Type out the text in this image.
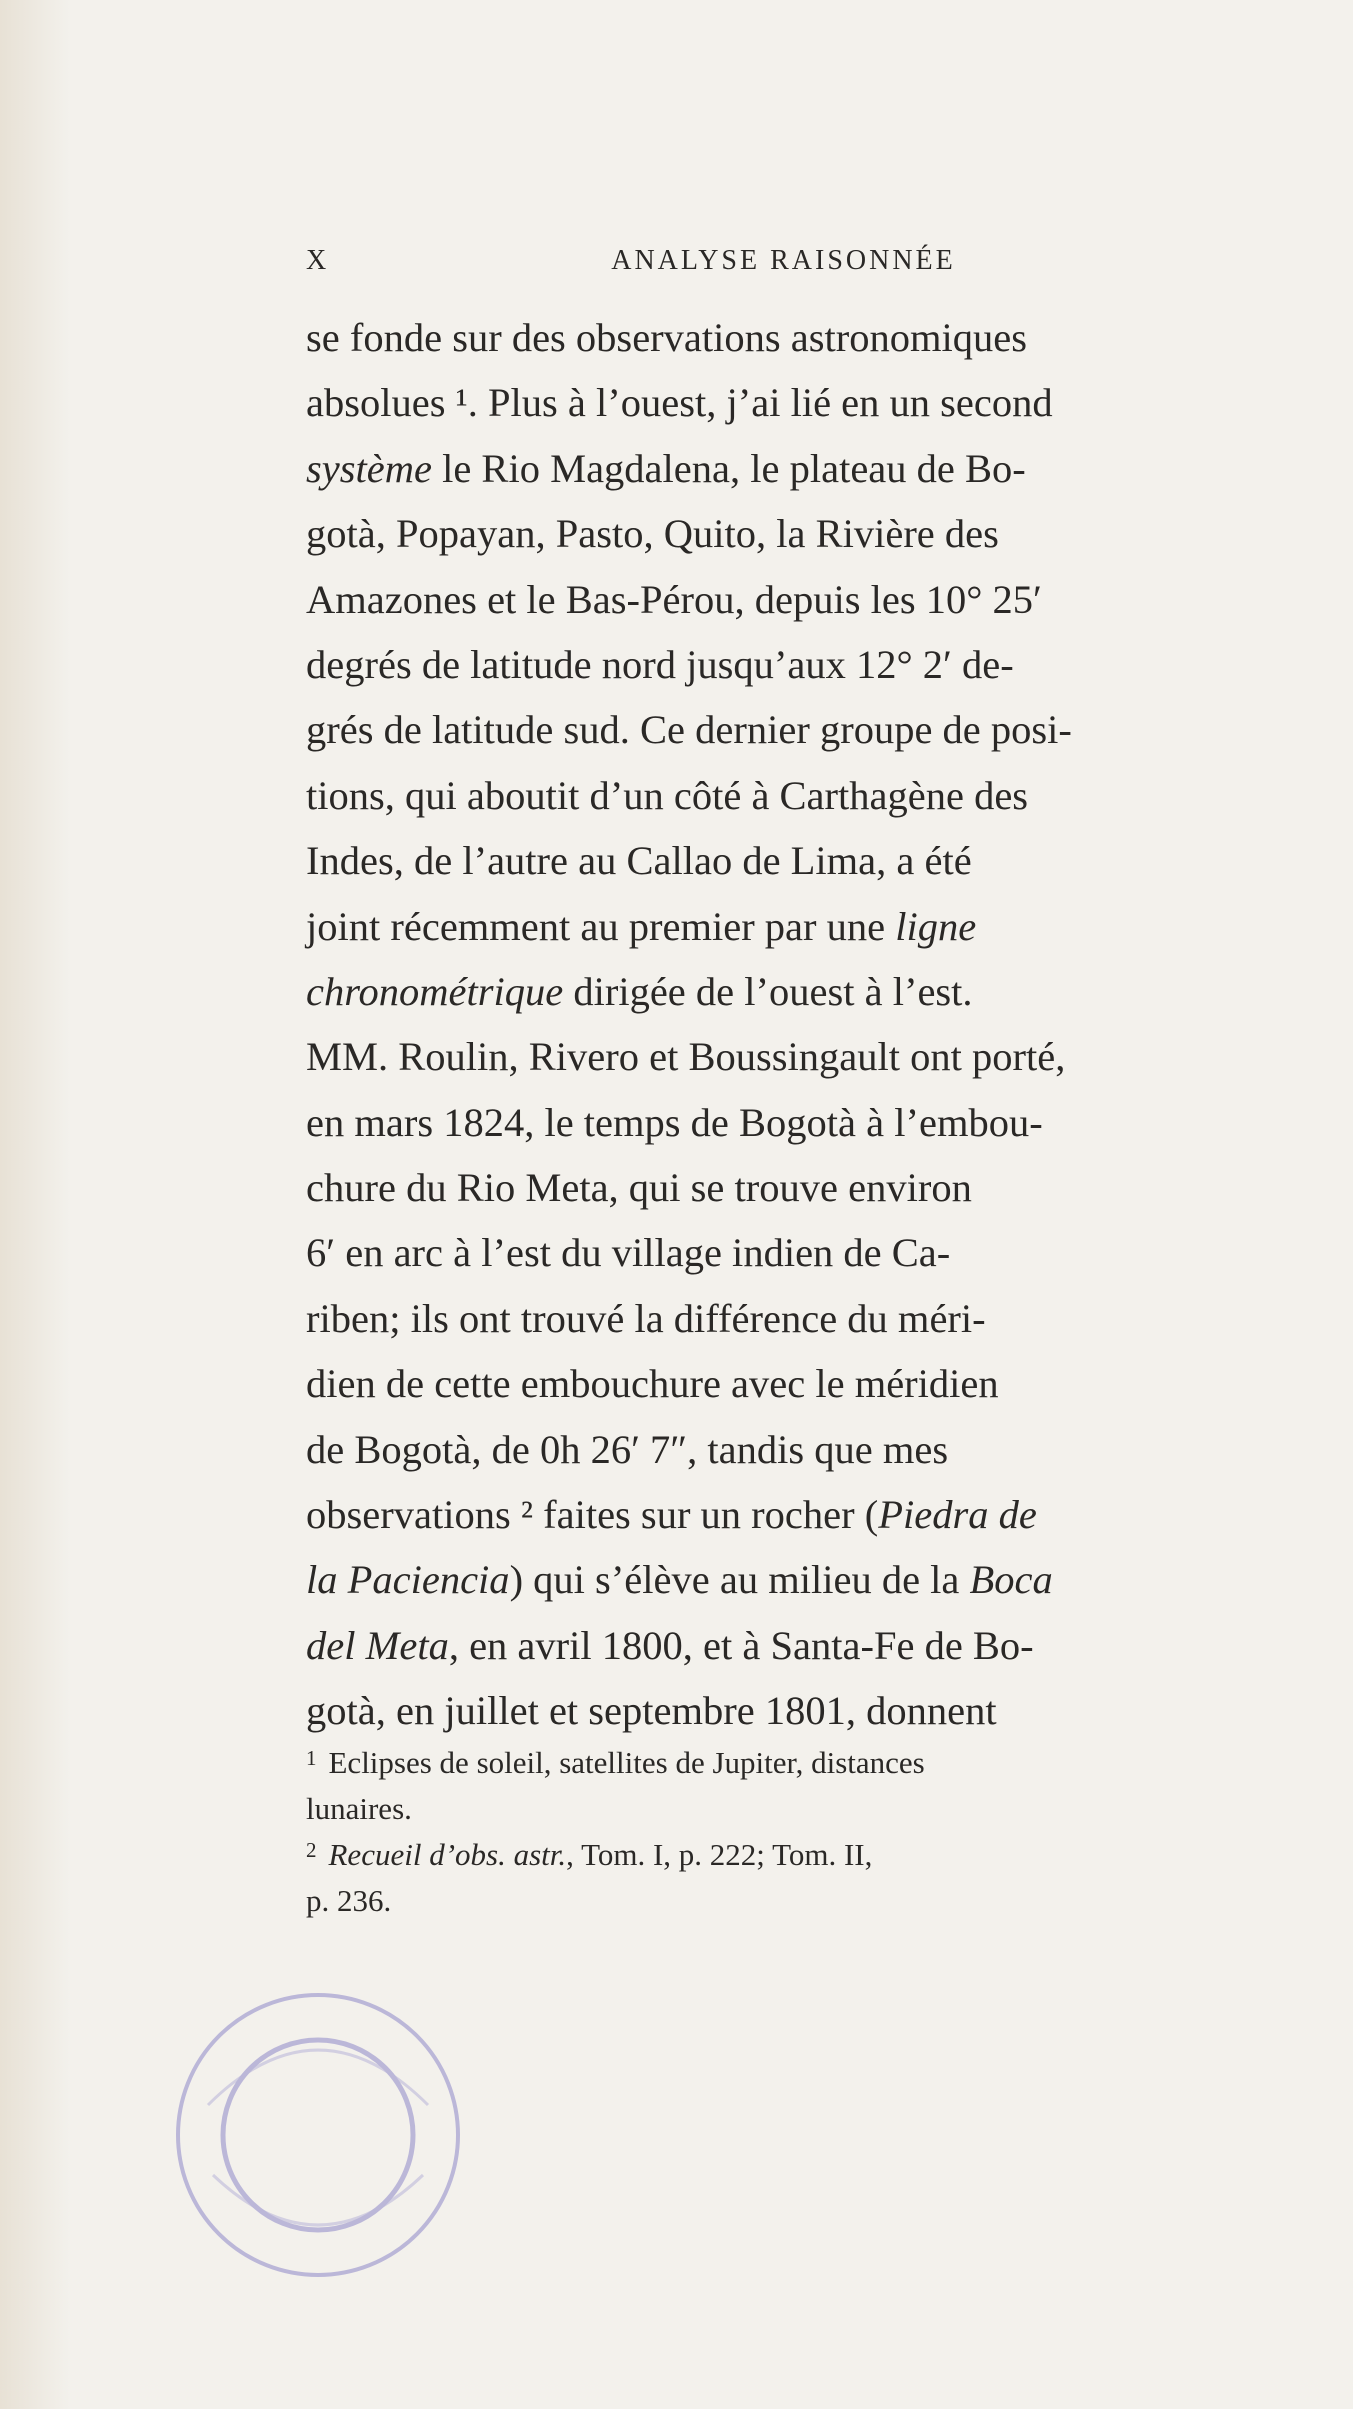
X	ANALYSE RAISONNÉE
se fonde sur des observations astronomiques
absolues ¹. Plus à l’ouest, j’ai lié en un second
système le Rio Magdalena, le plateau de Bo-
gotà, Popayan, Pasto, Quito, la Rivière des
Amazones et le Bas-Pérou, depuis les 10° 25′
degrés de latitude nord jusqu’aux 12° 2′ de-
grés de latitude sud. Ce dernier groupe de posi-
tions, qui aboutit d’un côté à Carthagène des
Indes, de l’autre au Callao de Lima, a été
joint récemment au premier par une ligne
chronométrique dirigée de l’ouest à l’est.
MM. Roulin, Rivero et Boussingault ont porté,
en mars 1824, le temps de Bogotà à l’embou-
chure du Rio Meta, qui se trouve environ
6′ en arc à l’est du village indien de Ca-
riben; ils ont trouvé la différence du méri-
dien de cette embouchure avec le méridien
de Bogotà, de 0h 26′ 7″, tandis que mes
observations ² faites sur un rocher (Piedra de
la Paciencia) qui s’élève au milieu de la Boca
del Meta, en avril 1800, et à Santa-Fe de Bo-
gotà, en juillet et septembre 1801, donnent
$^1$ Eclipses de soleil, satellites de Jupiter, distances
lunaires.
$^2$ Recueil d’obs. astr., Tom. I, p. 222; Tom. II,
p. 236.
